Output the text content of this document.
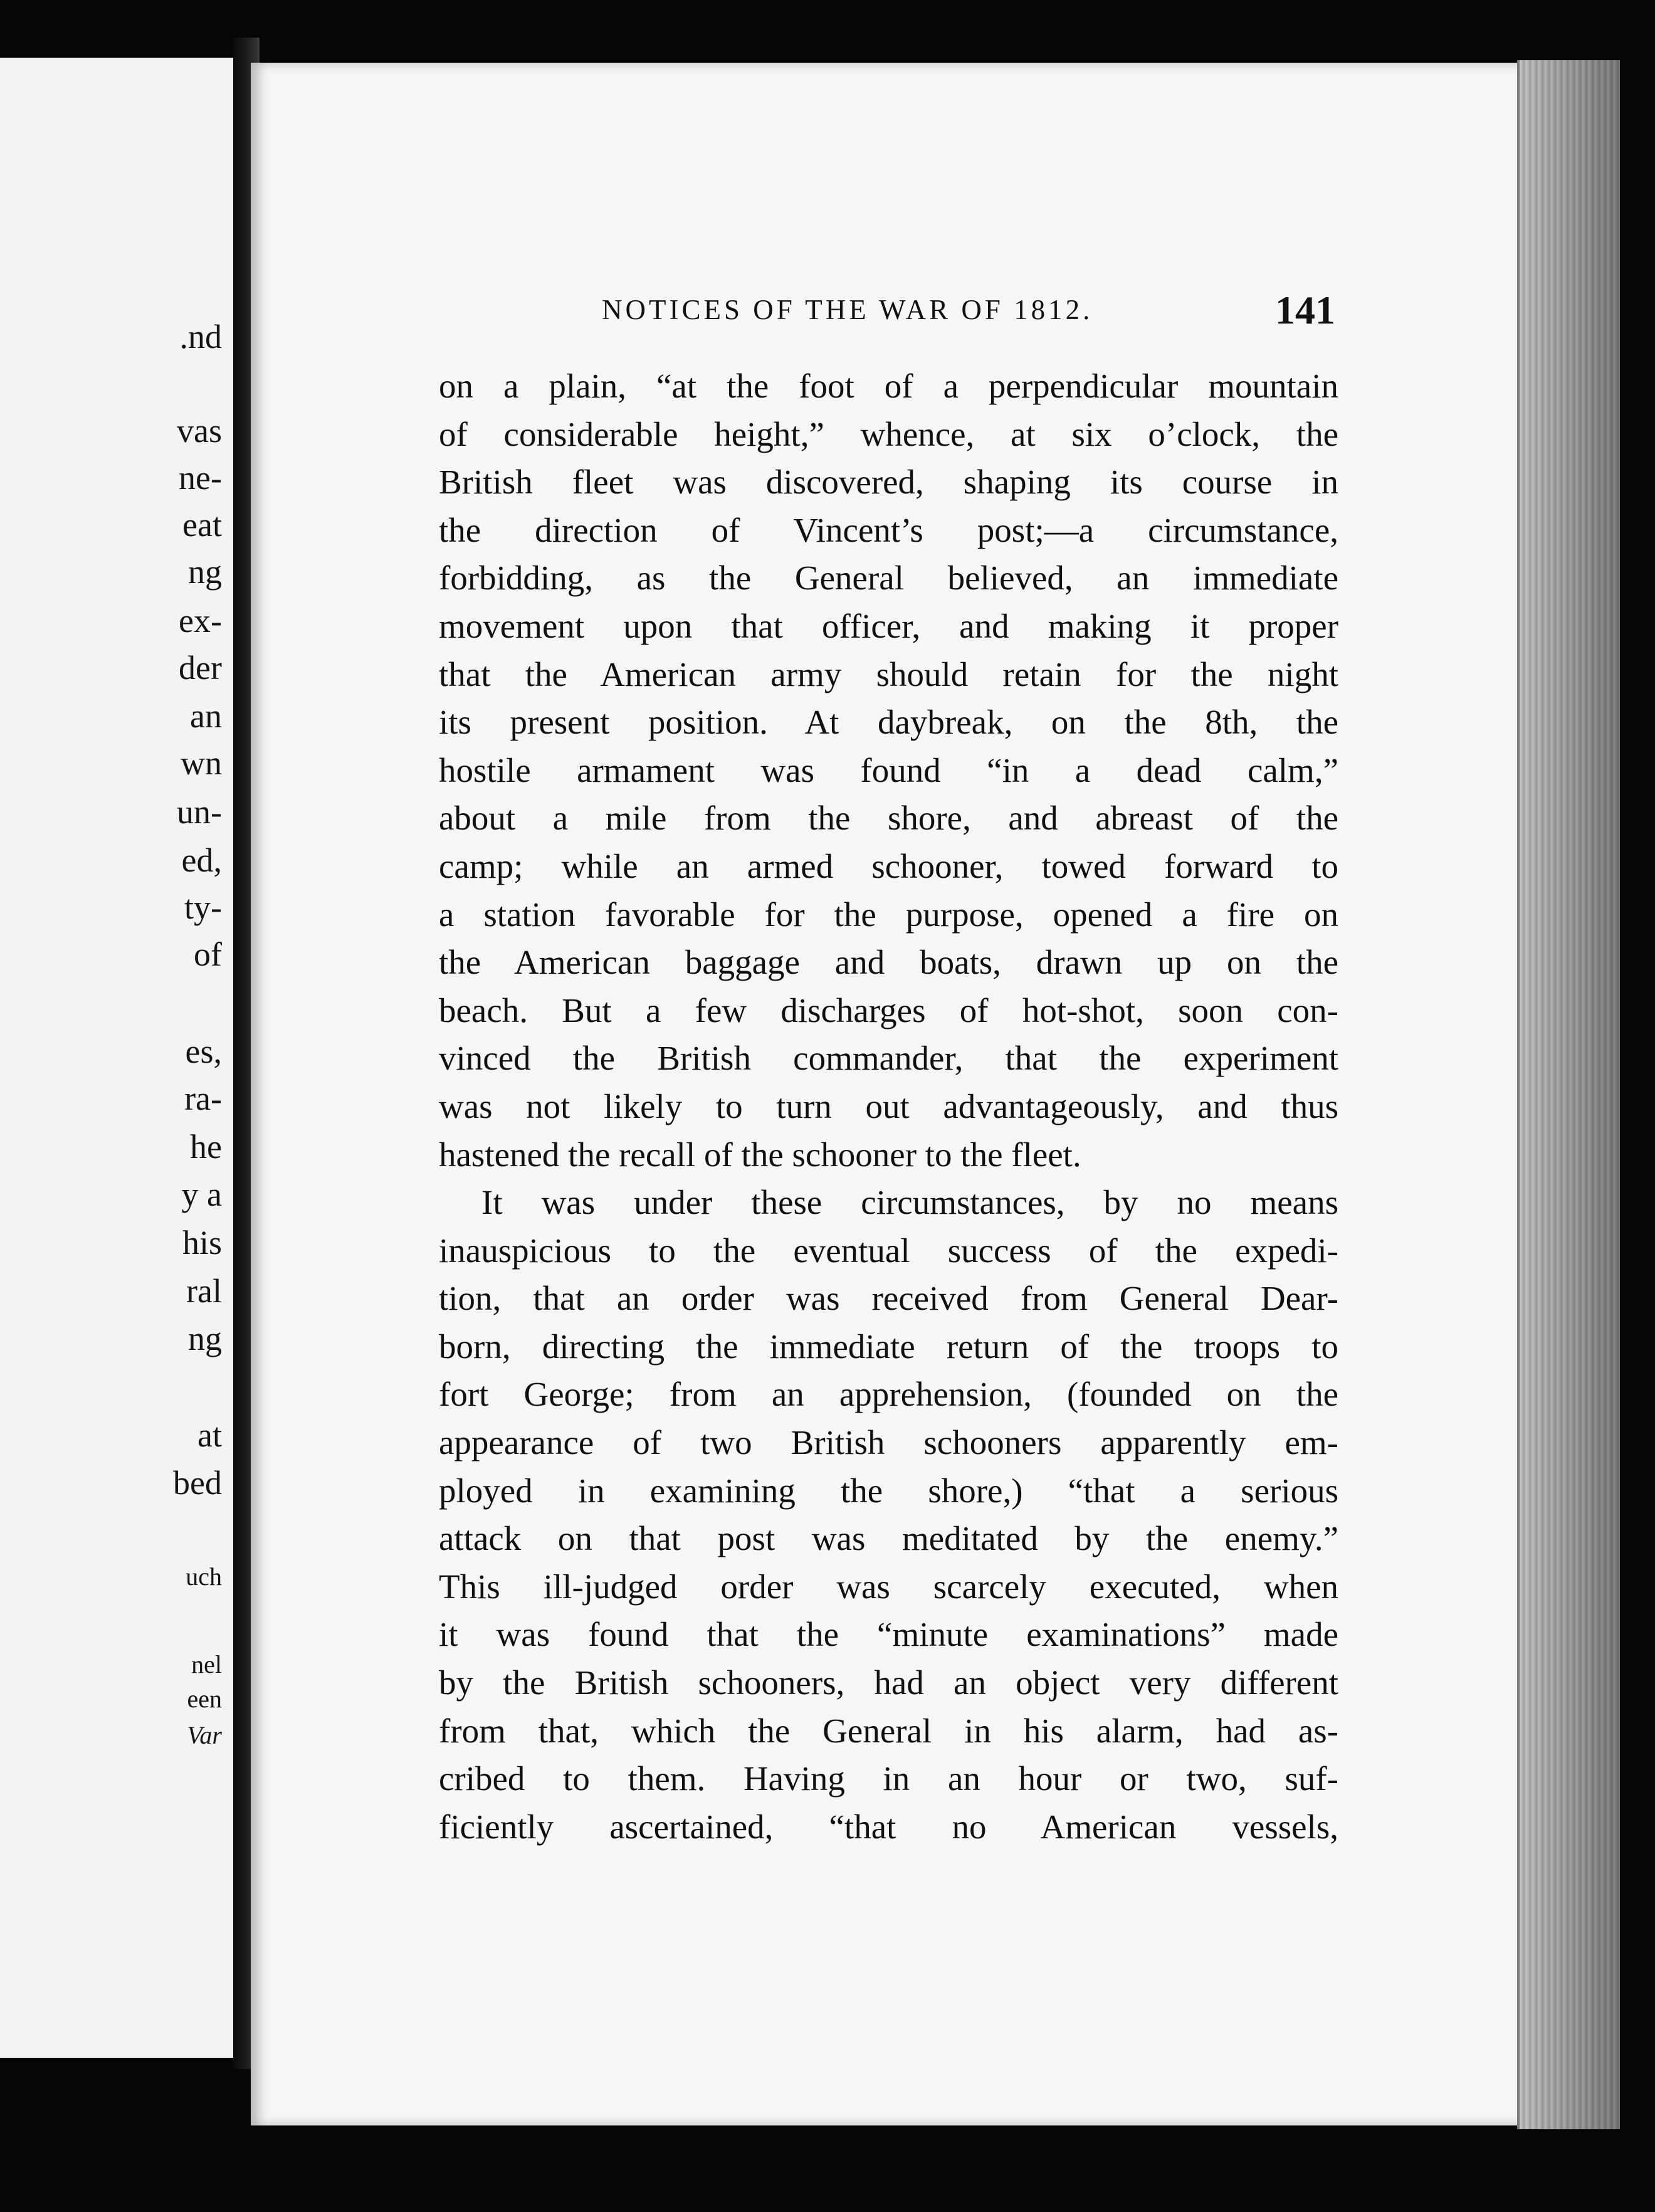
.nd
vas
ne-
eat
ng
ex-
der
an
wn
un-
ed,
ty-
of
es,
ra-
he
y a
his
ral
ng
at
bed
uch
nel
een
Var
NOTICES OF THE WAR OF 1812.	141
on a plain, “at the foot of a perpendicular mountain
of considerable height,” whence, at six o’clock, the
British fleet was discovered, shaping its course in
the direction of Vincent’s post;—a circumstance,
forbidding, as the General believed, an immediate
movement upon that officer, and making it proper
that the American army should retain for the night
its present position. At daybreak, on the 8th, the
hostile armament was found “in a dead calm,”
about a mile from the shore, and abreast of the
camp; while an armed schooner, towed forward to
a station favorable for the purpose, opened a fire on
the American baggage and boats, drawn up on the
beach. But a few discharges of hot-shot, soon con-
vinced the British commander, that the experiment
was not likely to turn out advantageously, and thus
hastened the recall of the schooner to the fleet.
It was under these circumstances, by no means
inauspicious to the eventual success of the expedi-
tion, that an order was received from General Dear-
born, directing the immediate return of the troops to
fort George; from an apprehension, (founded on the
appearance of two British schooners apparently em-
ployed in examining the shore,) “that a serious
attack on that post was meditated by the enemy.”
This ill-judged order was scarcely executed, when
it was found that the “minute examinations” made
by the British schooners, had an object very different
from that, which the General in his alarm, had as-
cribed to them. Having in an hour or two, suf-
ficiently ascertained, “that no American vessels,
